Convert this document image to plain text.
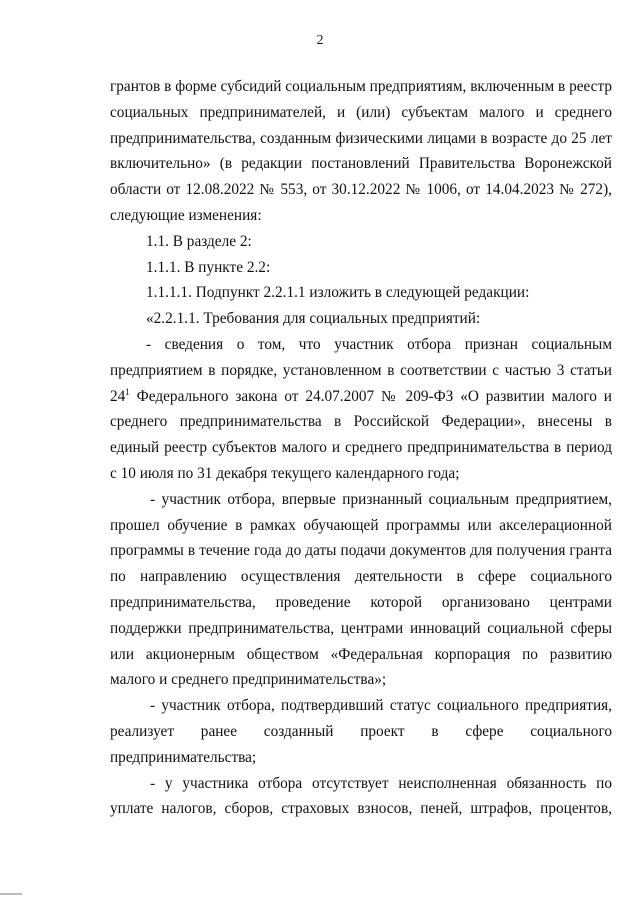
2

грантов в форме субсидий социальным предприятиям, включенным в реестр социальных предпринимателей, и (или) субъектам малого и среднего предпринимательства, созданным физическими лицами в возрасте до 25 лет включительно» (в редакции постановлений Правительства Воронежской области от 12.08.2022 № 553, от 30.12.2022 № 1006, от 14.04.2023 № 272), следующие изменения:

1.1. В разделе 2:

1.1.1. В пункте 2.2:

1.1.1.1. Подпункт 2.2.1.1 изложить в следующей редакции:

«2.2.1.1. Требования для социальных предприятий:

- сведения о том, что участник отбора признан социальным предприятием в порядке, установленном в соответствии с частью 3 статьи $24^1$ Федерального закона от 24.07.2007 № 209-ФЗ «О развитии малого и среднего предпринимательства в Российской Федерации», внесены в единый реестр субъектов малого и среднего предпринимательства в период с 10 июля по 31 декабря текущего календарного года;

- участник отбора, впервые признанный социальным предприятием, прошел обучение в рамках обучающей программы или акселерационной программы в течение года до даты подачи документов для получения гранта по направлению осуществления деятельности в сфере социального предпринимательства, проведение которой организовано центрами поддержки предпринимательства, центрами инноваций социальной сферы или акционерным обществом «Федеральная корпорация по развитию малого и среднего предпринимательства»;

- участник отбора, подтвердивший статус социального предприятия, реализует ранее созданный проект в сфере социального предпринимательства;

- у участника отбора отсутствует неисполненная обязанность по уплате налогов, сборов, страховых взносов, пеней, штрафов, процентов,
